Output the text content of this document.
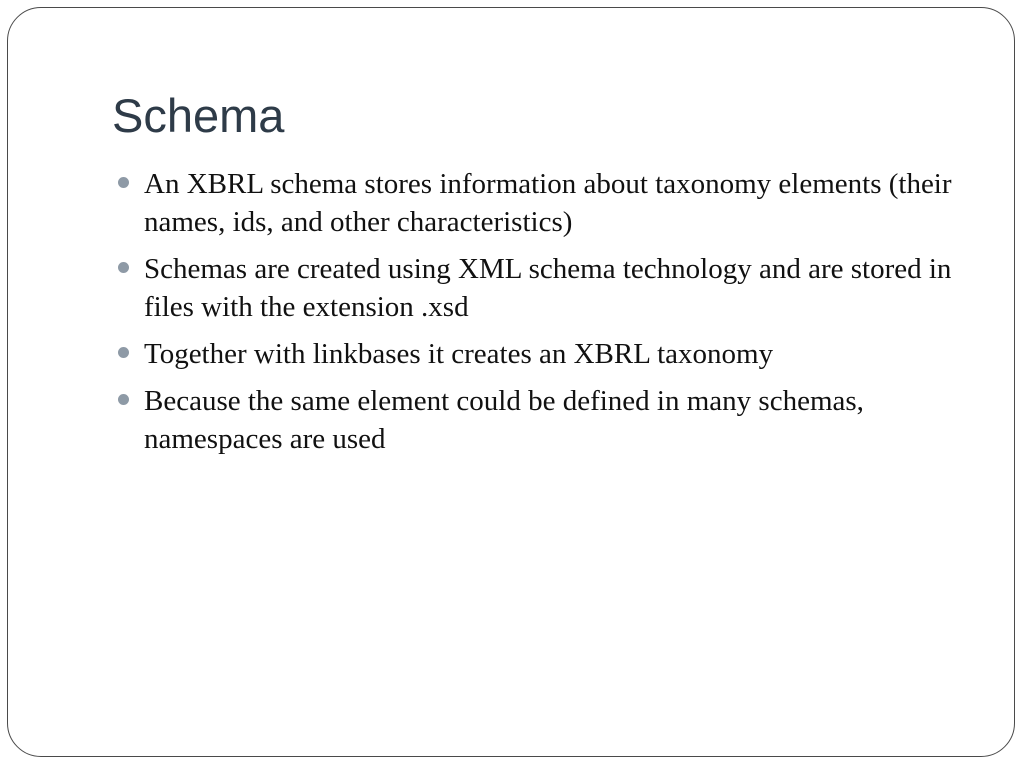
Schema
An XBRL schema stores information about taxonomy elements (their names, ids, and other characteristics)
Schemas are created using XML schema technology and are stored in files with the extension .xsd
Together with linkbases it creates an XBRL taxonomy
Because the same element could be defined in many schemas, namespaces are used
